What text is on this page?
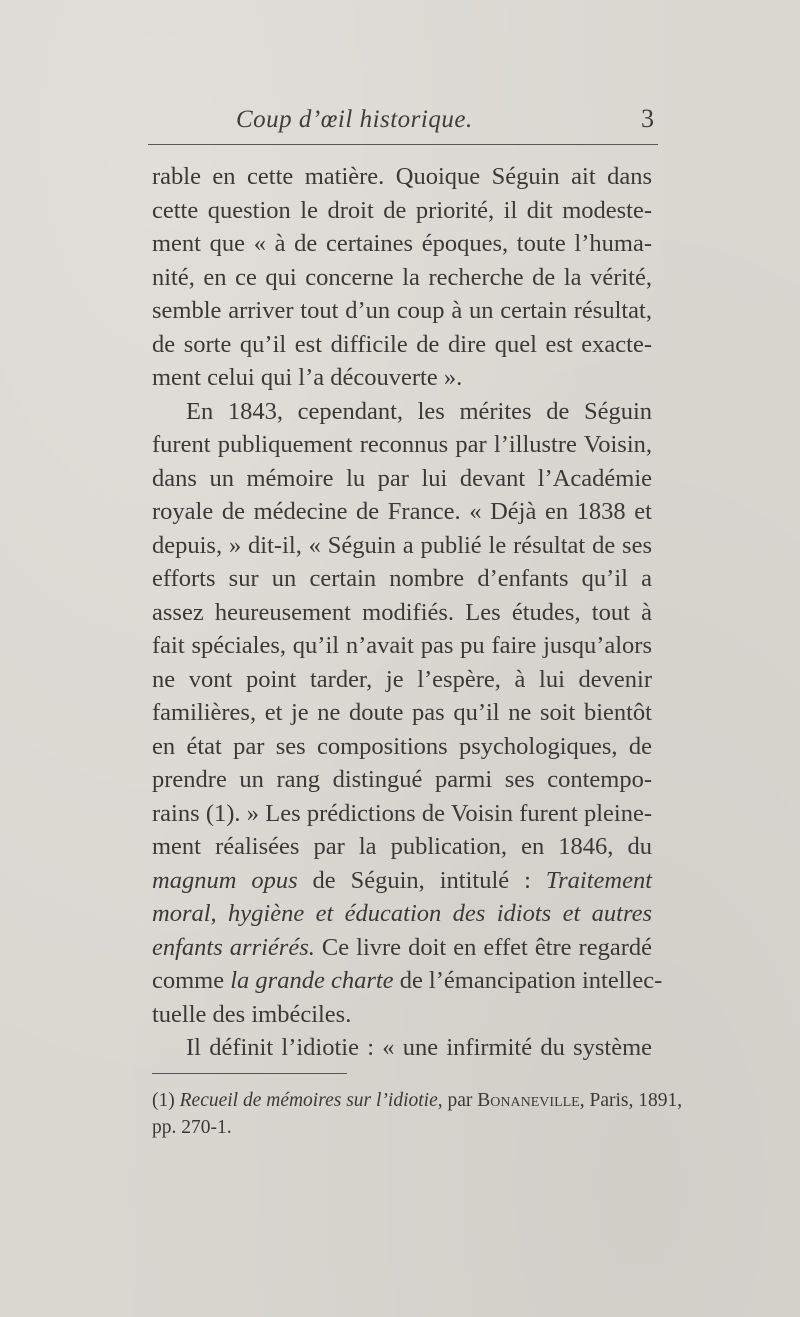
Coup d’œil historique.	3
rable en cette matière. Quoique Séguin ait dans
cette question le droit de priorité, il dit modeste-
ment que « à de certaines époques, toute l’huma-
nité, en ce qui concerne la recherche de la vérité,
semble arriver tout d’un coup à un certain résultat,
de sorte qu’il est difficile de dire quel est exacte-
ment celui qui l’a découverte ».
En 1843, cependant, les mérites de Séguin
furent publiquement reconnus par l’illustre Voisin,
dans un mémoire lu par lui devant l’Académie
royale de médecine de France. « Déjà en 1838 et
depuis, » dit-il, « Séguin a publié le résultat de ses
efforts sur un certain nombre d’enfants qu’il a
assez heureusement modifiés. Les études, tout à
fait spéciales, qu’il n’avait pas pu faire jusqu’alors
ne vont point tarder, je l’espère, à lui devenir
familières, et je ne doute pas qu’il ne soit bientôt
en état par ses compositions psychologiques, de
prendre un rang distingué parmi ses contempo-
rains (1). » Les prédictions de Voisin furent pleine-
ment réalisées par la publication, en 1846, du
magnum opus de Séguin, intitulé : Traitement
moral, hygiène et éducation des idiots et autres
enfants arriérés. Ce livre doit en effet être regardé
comme la grande charte de l’émancipation intellec-
tuelle des imbéciles.
Il définit l’idiotie : « une infirmité du système
(1) Recueil de mémoires sur l’idiotie, par Bonaneville, Paris, 1891,
pp. 270-1.
